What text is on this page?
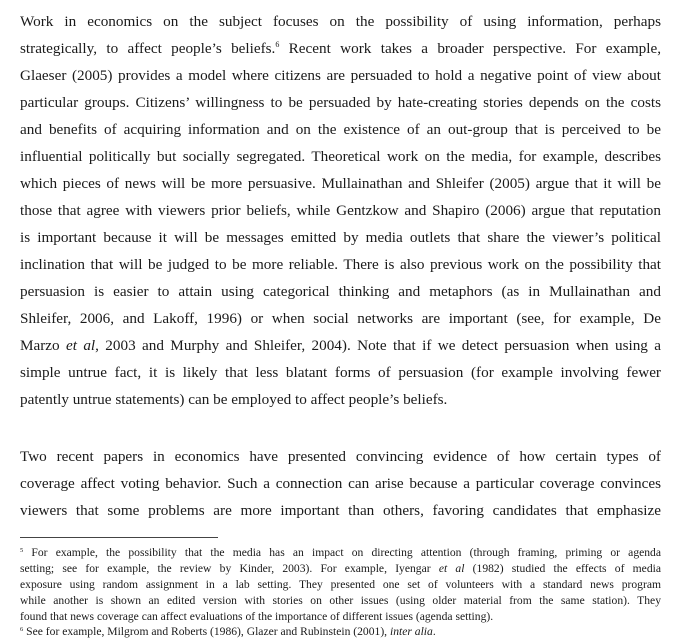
Work in economics on the subject focuses on the possibility of using information, perhaps
strategically, to affect people’s beliefs.$^6$ Recent work takes a broader perspective. For example,
Glaeser (2005) provides a model where citizens are persuaded to hold a negative point of view about
particular groups. Citizens’ willingness to be persuaded by hate-creating stories depends on the costs
and benefits of acquiring information and on the existence of an out-group that is perceived to be
influential politically but socially segregated. Theoretical work on the media, for example, describes
which pieces of news will be more persuasive. Mullainathan and Shleifer (2005) argue that it will be
those that agree with viewers prior beliefs, while Gentzkow and Shapiro (2006) argue that reputation
is important because it will be messages emitted by media outlets that share the viewer’s political
inclination that will be judged to be more reliable. There is also previous work on the possibility that
persuasion is easier to attain using categorical thinking and metaphors (as in Mullainathan and
Shleifer, 2006, and Lakoff, 1996) or when social networks are important (see, for example, De
Marzo et al, 2003 and Murphy and Shleifer, 2004). Note that if we detect persuasion when using a
simple untrue fact, it is likely that less blatant forms of persuasion (for example involving fewer
patently untrue statements) can be employed to affect people’s beliefs.
Two recent papers in economics have presented convincing evidence of how certain types of
coverage affect voting behavior. Such a connection can arise because a particular coverage convinces
viewers that some problems are more important than others, favoring candidates that emphasize
$^5$ For example, the possibility that the media has an impact on directing attention (through framing, priming or agenda
setting; see for example, the review by Kinder, 2003). For example, Iyengar et al (1982) studied the effects of media
exposure using random assignment in a lab setting. They presented one set of volunteers with a standard news program
while another is shown an edited version with stories on other issues (using older material from the same station). They
found that news coverage can affect evaluations of the importance of different issues (agenda setting).
$^6$ See for example, Milgrom and Roberts (1986), Glazer and Rubinstein (2001), inter alia.
